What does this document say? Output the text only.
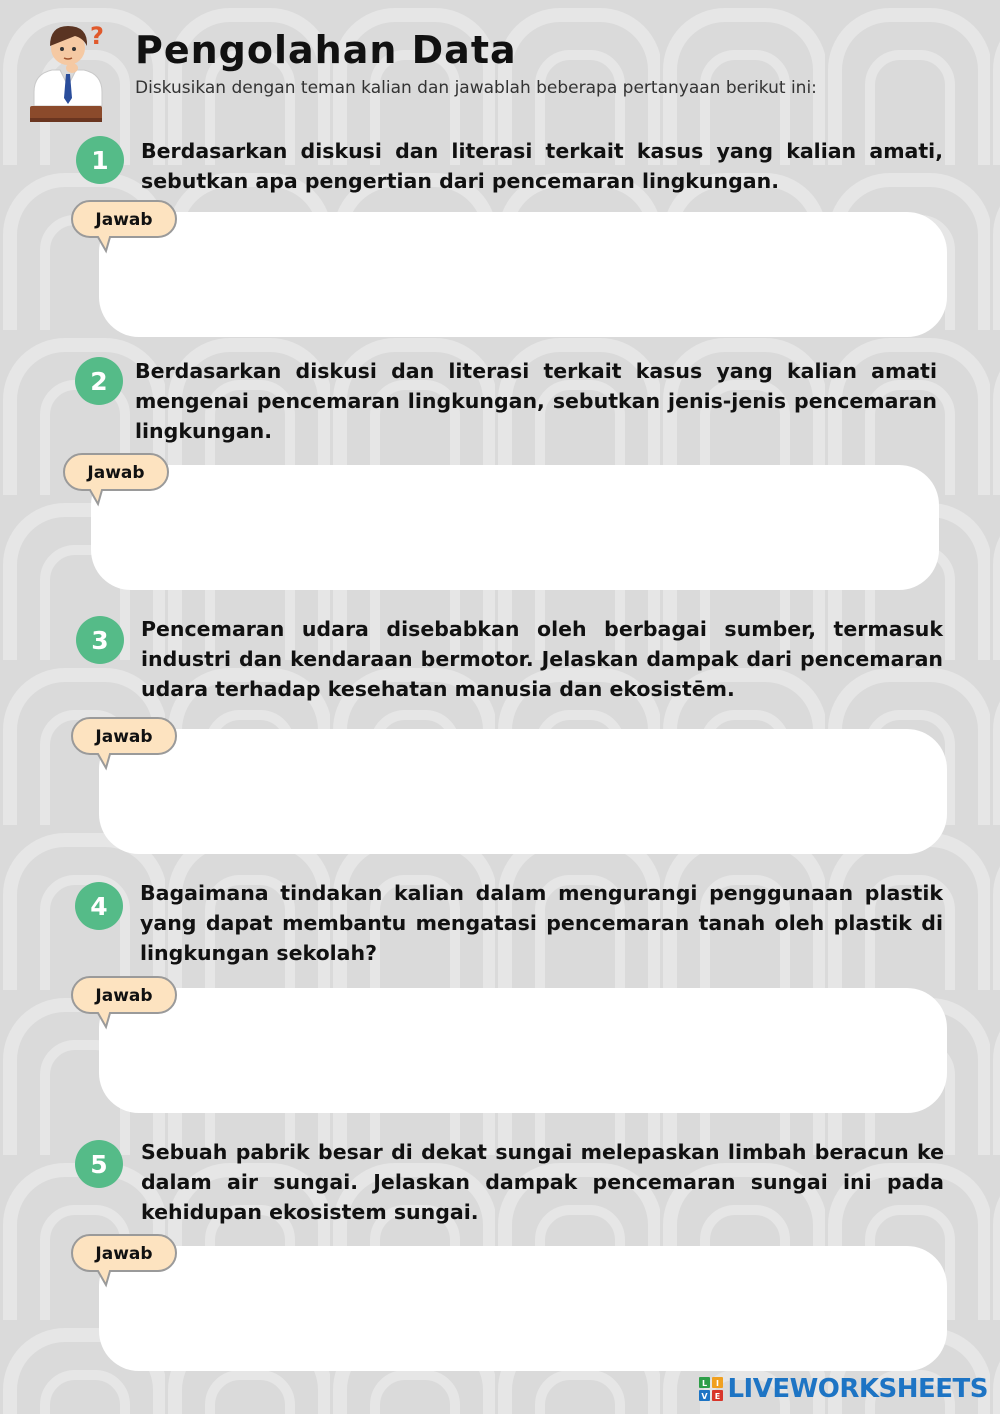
? Pengolahan Data

Diskusikan dengan teman kalian dan jawablah beberapa pertanyaan berikut ini:

1	Berdasarkan diskusi dan literasi terkait kasus yang kalian amati, sebutkan apa pengertian dari pencemaran lingkungan.

Jawab
2	Berdasarkan diskusi dan literasi terkait kasus yang kalian amati mengenai pencemaran lingkungan, sebutkan jenis-jenis pencemaran lingkungan.

Jawab
3	Pencemaran udara disebabkan oleh berbagai sumber, termasuk industri dan kendaraan bermotor. Jelaskan dampak dari pencemaran udara terhadap kesehatan manusia dan ekosistēm.

Jawab
4	Bagaimana tindakan kalian dalam mengurangi penggunaan plastik yang dapat membantu mengatasi pencemaran tanah oleh plastik di lingkungan sekolah?

Jawab
5	Sebuah pabrik besar di dekat sungai melepaskan limbah beracun ke dalam air sungai. Jelaskan dampak pencemaran sungai ini pada kehidupan ekosistem sungai.

Jawab
L I
V E LIVEWORKSHEETS
